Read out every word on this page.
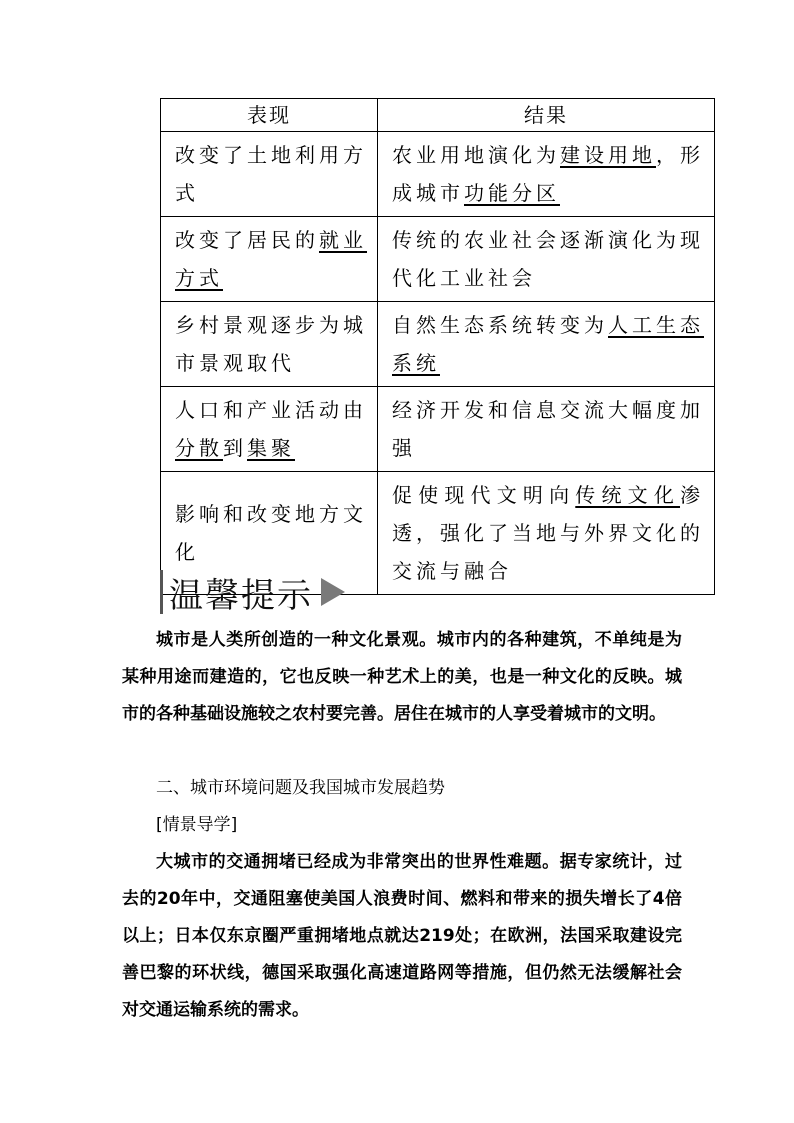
表现	结果
改变了土地利用方式	农业用地演化为建设用地，形成城市功能分区
改变了居民的就业方式	传统的农业社会逐渐演化为现代化工业社会
乡村景观逐步为城市景观取代	自然生态系统转变为人工生态系统
人口和产业活动由分散到集聚	经济开发和信息交流大幅度加强
影响和改变地方文化	促使现代文明向传统文化渗透，强化了当地与外界文化的交流与融合
温馨提示

城市是人类所创造的一种文化景观。城市内的各种建筑，不单纯是为某种用途而建造的，它也反映一种艺术上的美，也是一种文化的反映。城市的各种基础设施较之农村要完善。居住在城市的人享受着城市的文明。

二、城市环境问题及我国城市发展趋势

[情景导学]

大城市的交通拥堵已经成为非常突出的世界性难题。据专家统计，过去的20年中，交通阻塞使美国人浪费时间、燃料和带来的损失增长了4倍以上；日本仅东京圈严重拥堵地点就达219处；在欧洲，法国采取建设完善巴黎的环状线，德国采取强化高速道路网等措施，但仍然无法缓解社会对交通运输系统的需求。
